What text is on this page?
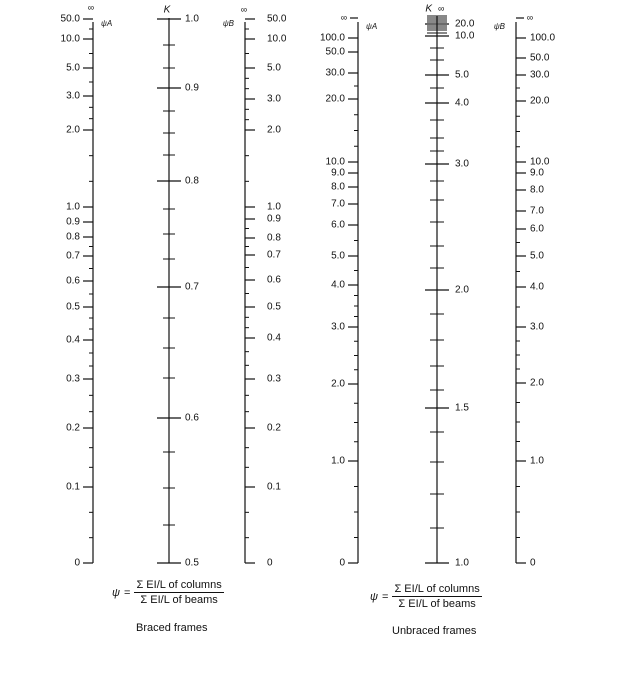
∞
ψA
50.0
10.0
5.0
3.0
2.0
1.0
0.9
0.8
0.7
0.6
0.5
0.4
0.3
0.2
0.1
0
K
1.0
0.9
0.8
0.7
0.6
0.5
∞
ψB	50.0
10.0
5.0
3.0
2.0
1.0
0.9
0.8
0.7
0.6
0.5
0.4
0.3
0.2
0.1
0
∞
ψA
100.0
50.0
30.0
20.0
10.0
9.0
8.0
7.0
6.0
5.0
4.0
3.0
2.0
1.0
0
K ∞
20.0
10.0
5.0
4.0
3.0
2.0
1.5
1.0
∞
ψB
100.0
50.0
30.0
20.0
10.0
9.0
8.0
7.0
6.0
5.0
4.0
3.0
2.0
1.0
0
$\psi = \frac{\text{Σ EI/L of columns}}{\text{Σ EI/L of beams}}$
Braced frames
$\psi = \frac{\text{Σ EI/L of columns}}{\text{Σ EI/L of beams}}$
Unbraced frames
